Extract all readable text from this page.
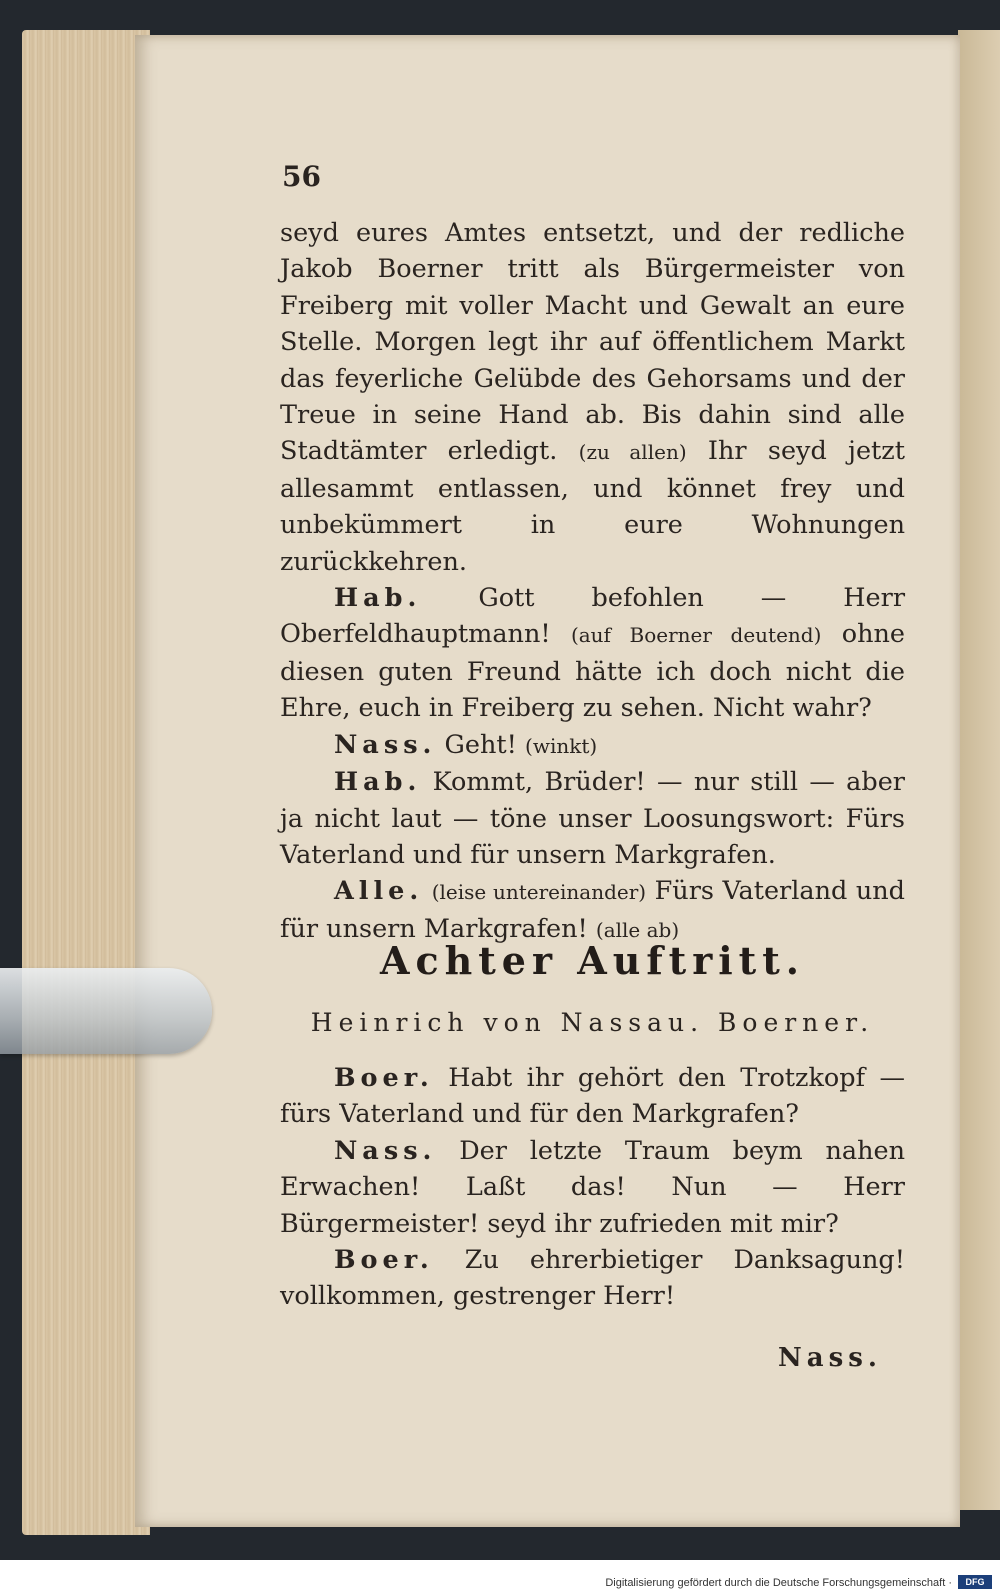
56
seyd eures Amtes entsetzt, und der redliche Jakob Boerner tritt als Bürgermeister von Freiberg mit voller Macht und Gewalt an eure Stelle. Morgen legt ihr auf öffentlichem Markt das feyerliche Gelübde des Gehorsams und der Treue in seine Hand ab. Bis dahin sind alle Stadtämter erledigt. (zu allen) Ihr seyd jetzt allesammt entlassen, und könnet frey und unbekümmert in eure Wohnungen zurückkehren.
Hab. Gott befohlen — Herr Oberfeldhauptmann! (auf Boerner deutend) ohne diesen guten Freund hätte ich doch nicht die Ehre, euch in Freiberg zu sehen. Nicht wahr?
Nass. Geht! (winkt)
Hab. Kommt, Brüder! — nur still — aber ja nicht laut — töne unser Loosungswort: Fürs Vaterland und für unsern Markgrafen.
Alle. (leise untereinander) Fürs Vaterland und für unsern Markgrafen! (alle ab)
Achter Auftritt.
Heinrich von Nassau. Boerner.
Boer. Habt ihr gehört den Trotzkopf — fürs Vaterland und für den Markgrafen?
Nass. Der letzte Traum beym nahen Erwachen! Laßt das! Nun — Herr Bürgermeister! seyd ihr zufrieden mit mir?
Boer. Zu ehrerbietiger Danksagung! vollkommen, gestrenger Herr!
Nass.
Digitalisierung gefördert durch die Deutsche Forschungsgemeinschaft ·	DFG
